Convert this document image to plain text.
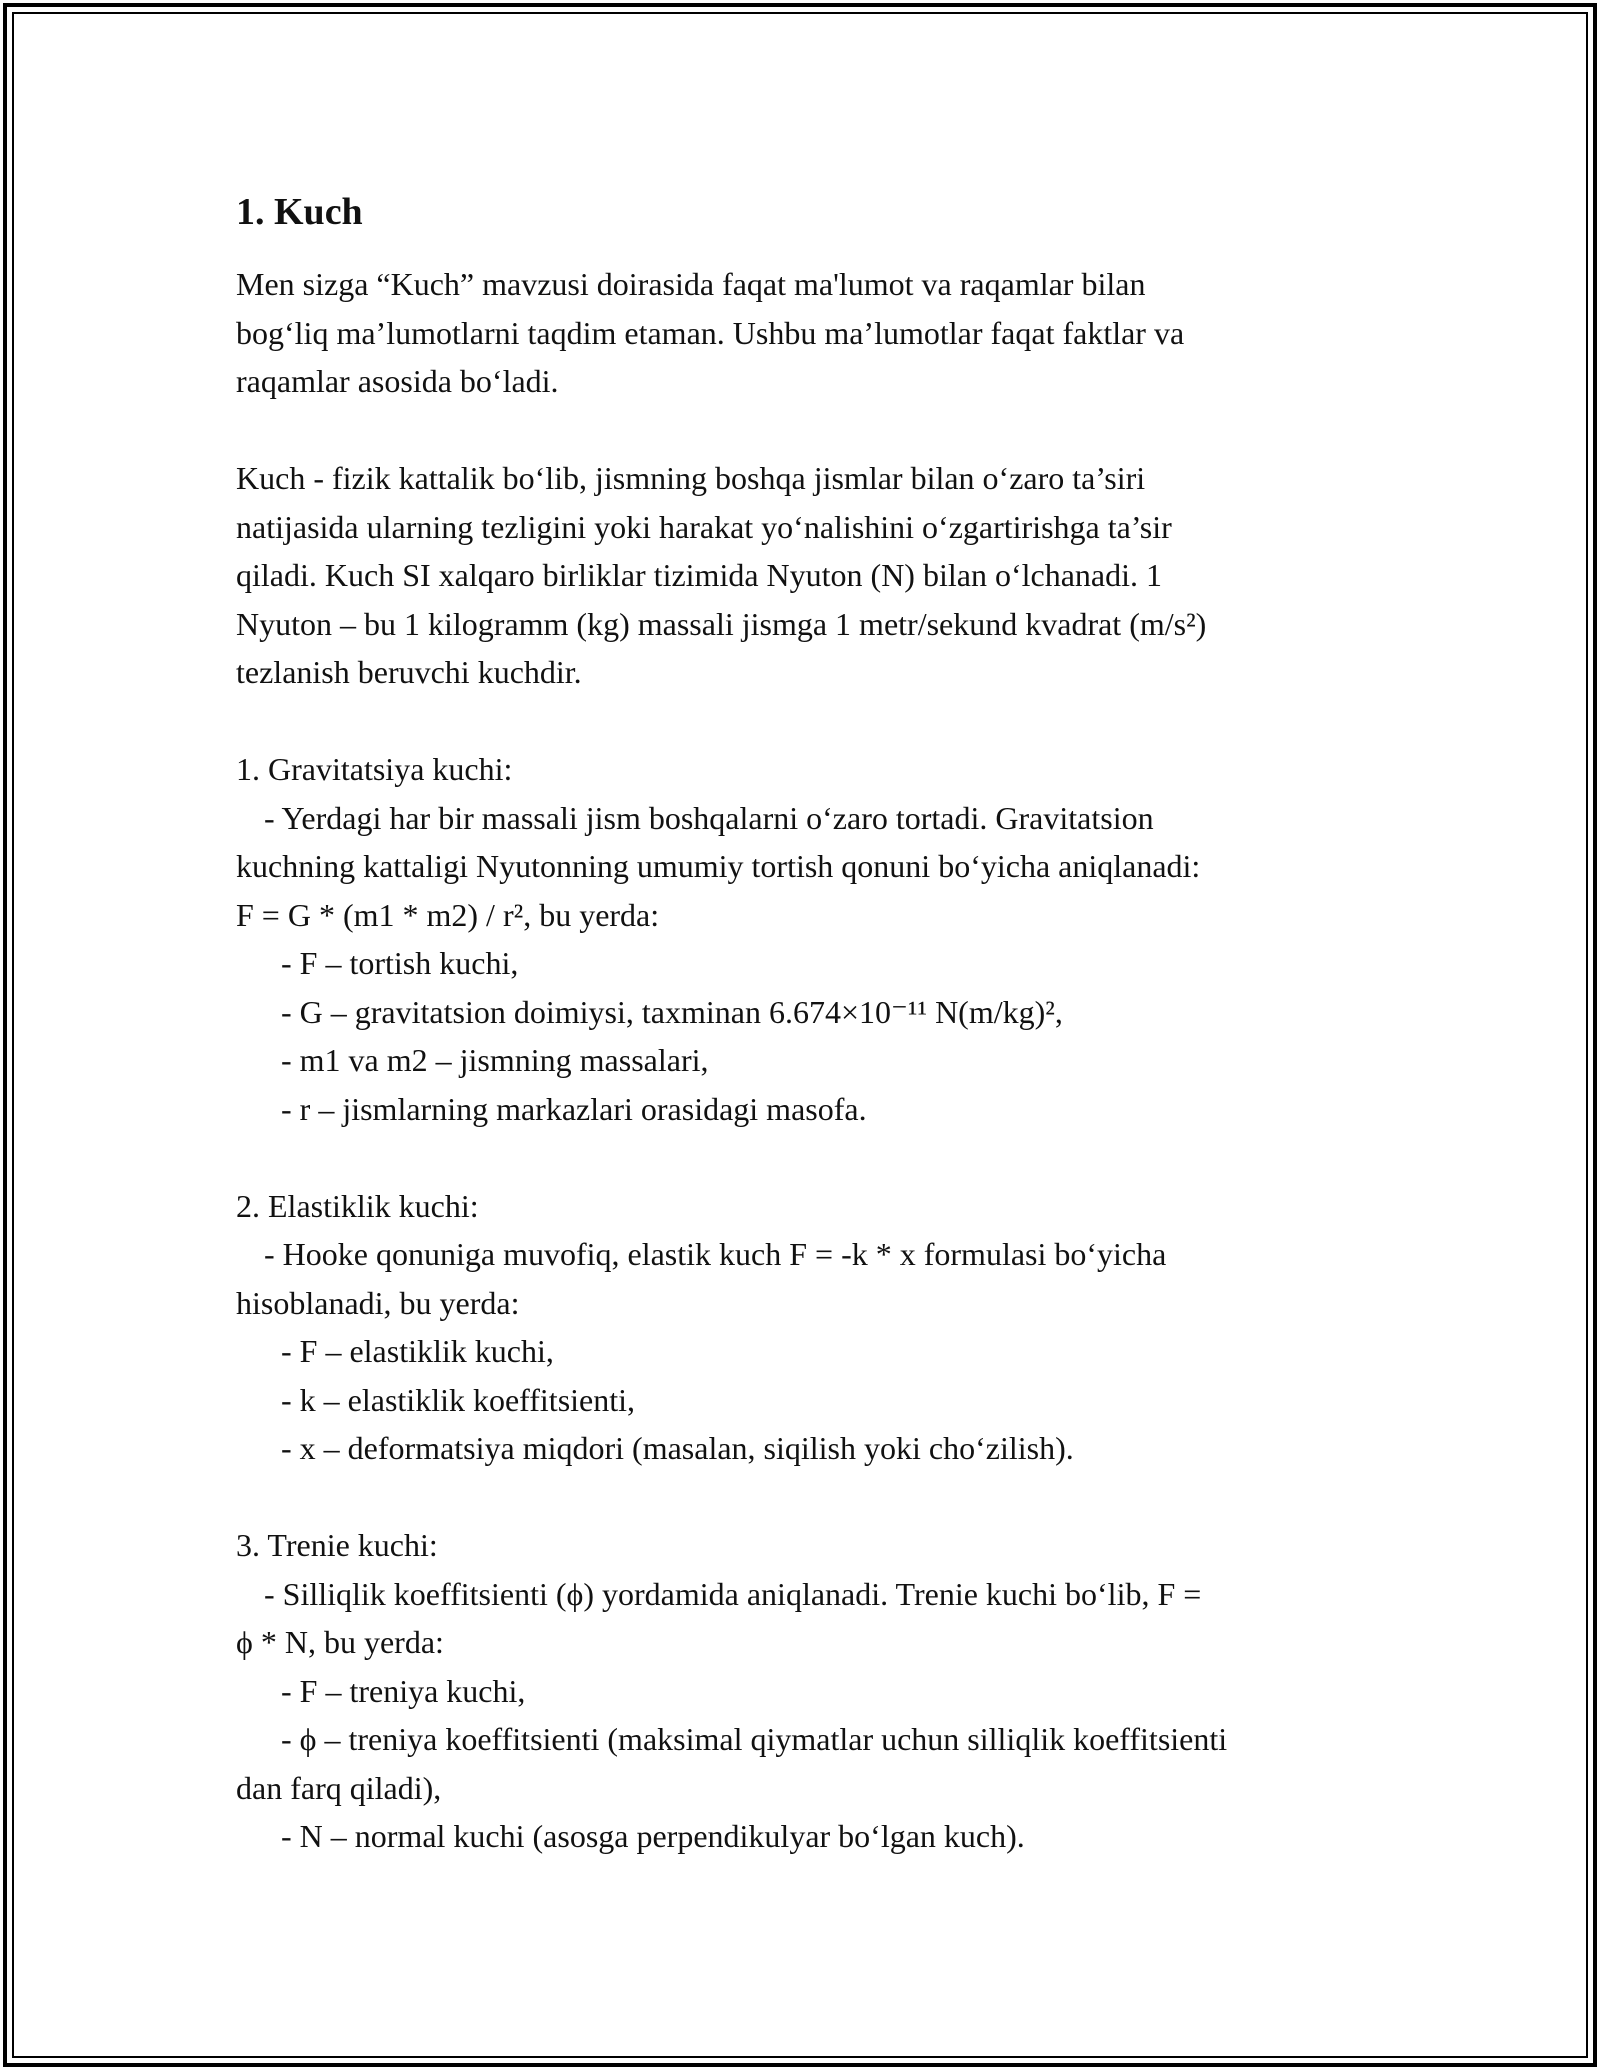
1. Kuch
Men sizga “Kuch” mavzusi doirasida faqat ma'lumot va raqamlar bilan
bog‘liq ma’lumotlarni taqdim etaman. Ushbu ma’lumotlar faqat faktlar va
raqamlar asosida bo‘ladi.
Kuch - fizik kattalik bo‘lib, jismning boshqa jismlar bilan o‘zaro ta’siri
natijasida ularning tezligini yoki harakat yo‘nalishini o‘zgartirishga ta’sir
qiladi. Kuch SI xalqaro birliklar tizimida Nyuton (N) bilan o‘lchanadi. 1
Nyuton – bu 1 kilogramm (kg) massali jismga 1 metr/sekund kvadrat (m/s²)
tezlanish beruvchi kuchdir.
1. Gravitatsiya kuchi:
- Yerdagi har bir massali jism boshqalarni o‘zaro tortadi. Gravitatsion
kuchning kattaligi Nyutonning umumiy tortish qonuni bo‘yicha aniqlanadi:
F = G * (m1 * m2) / r², bu yerda:
- F – tortish kuchi,
- G – gravitatsion doimiysi, taxminan 6.674×10⁻¹¹ N(m/kg)²,
- m1 va m2 – jismning massalari,
- r – jismlarning markazlari orasidagi masofa.
2. Elastiklik kuchi:
- Hooke qonuniga muvofiq, elastik kuch F = -k * x formulasi bo‘yicha
hisoblanadi, bu yerda:
- F – elastiklik kuchi,
- k – elastiklik koeffitsienti,
- x – deformatsiya miqdori (masalan, siqilish yoki cho‘zilish).
3. Trenie kuchi:
- Silliqlik koeffitsienti (ϕ) yordamida aniqlanadi. Trenie kuchi bo‘lib, F =
ϕ * N, bu yerda:
- F – treniya kuchi,
- ϕ – treniya koeffitsienti (maksimal qiymatlar uchun silliqlik koeffitsienti
dan farq qiladi),
- N – normal kuchi (asosga perpendikulyar bo‘lgan kuch).
